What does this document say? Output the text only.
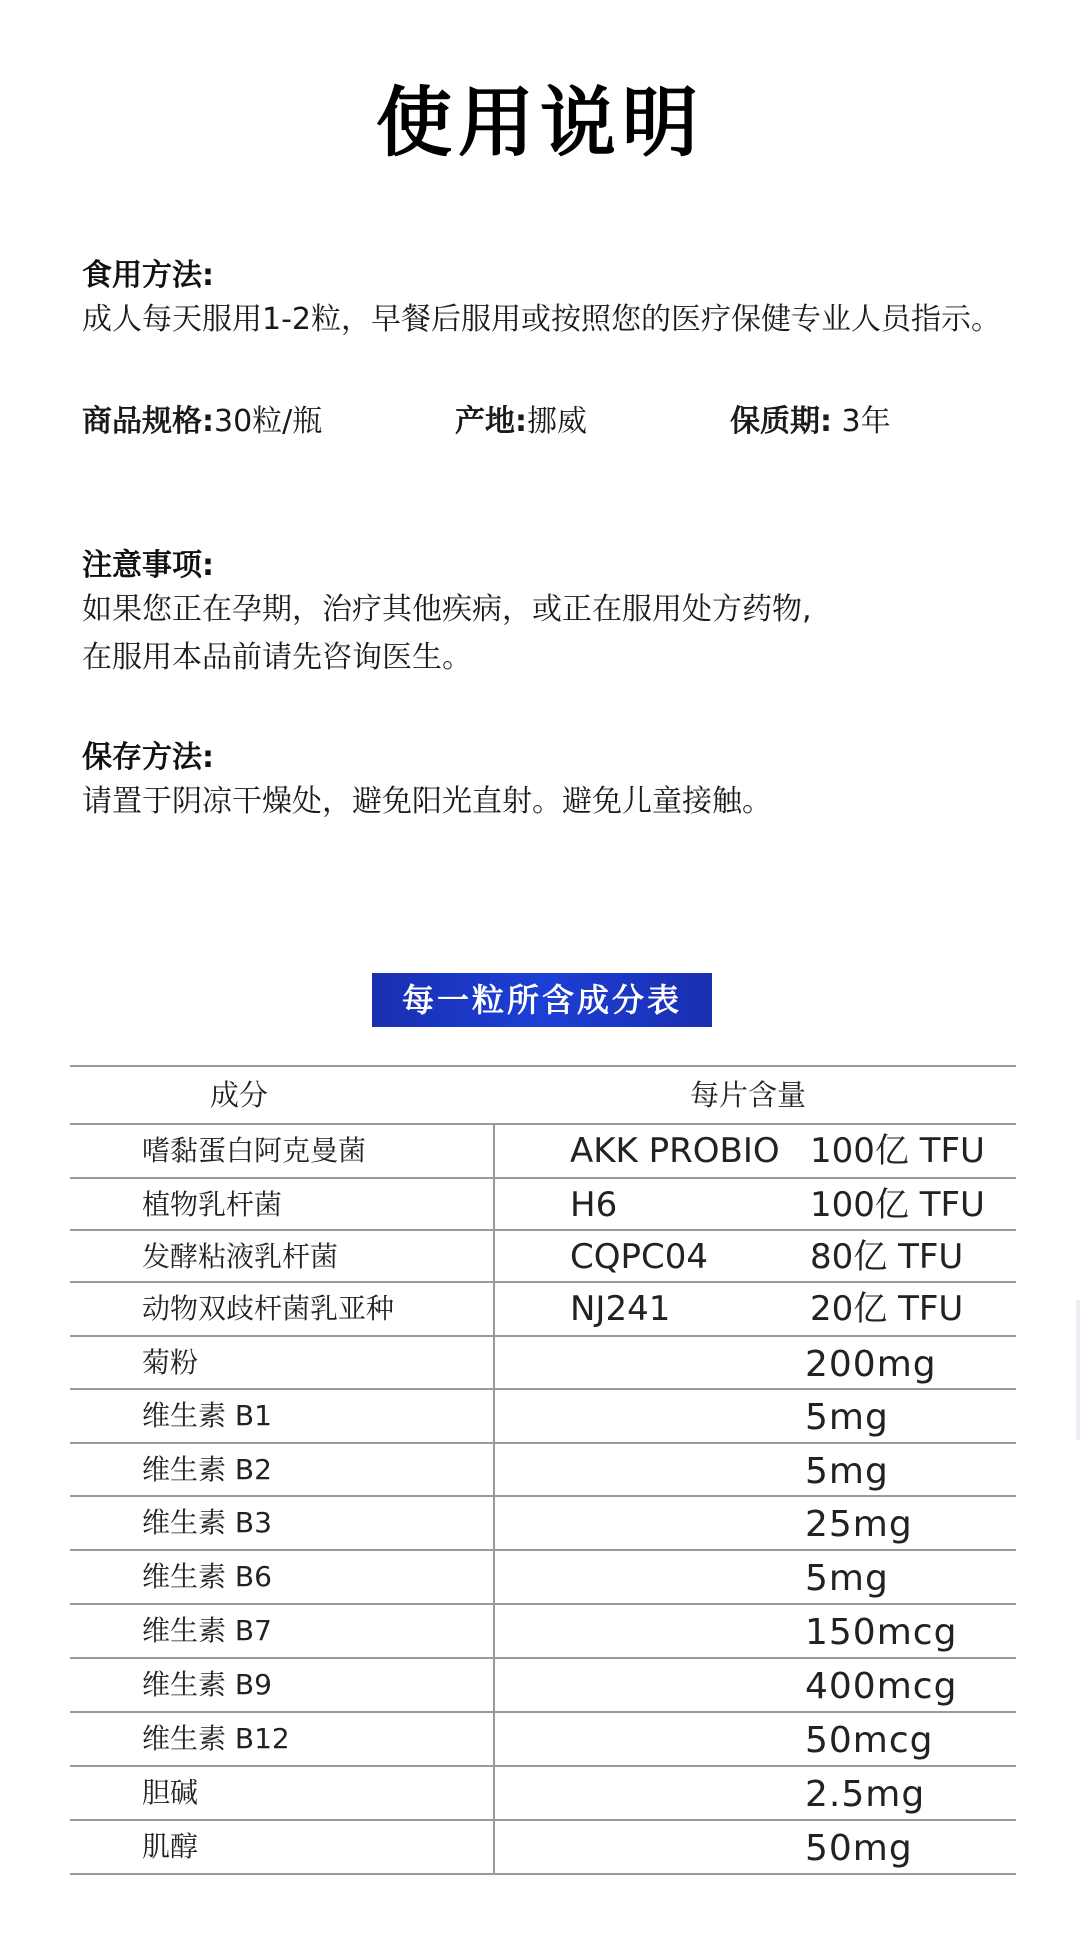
使用说明
食用方法:
成人每天服用1-2粒，早餐后服用或按照您的医疗保健专业人员指示。
商品规格:30粒/瓶	产地:挪威	保质期: 3年
注意事项:
如果您正在孕期，治疗其他疾病，或正在服用处方药物,
在服用本品前请先咨询医生。
保存方法:
请置于阴凉干燥处，避免阳光直射。避免儿童接触。
每一粒所含成分表
成分	每片含量
嗜黏蛋白阿克曼菌	AKK PROBIO 100亿 TFU
植物乳杆菌	H6	100亿 TFU
发酵粘液乳杆菌	CQPC04	80亿 TFU
动物双歧杆菌乳亚种	NJ241	20亿 TFU
菊粉	200mg
维生素 B1	5mg
维生素 B2	5mg
维生素 B3	25mg
维生素 B6	5mg
维生素 B7	150mcg
维生素 B9	400mcg
维生素 B12	50mcg
胆碱	2.5mg
肌醇	50mg
